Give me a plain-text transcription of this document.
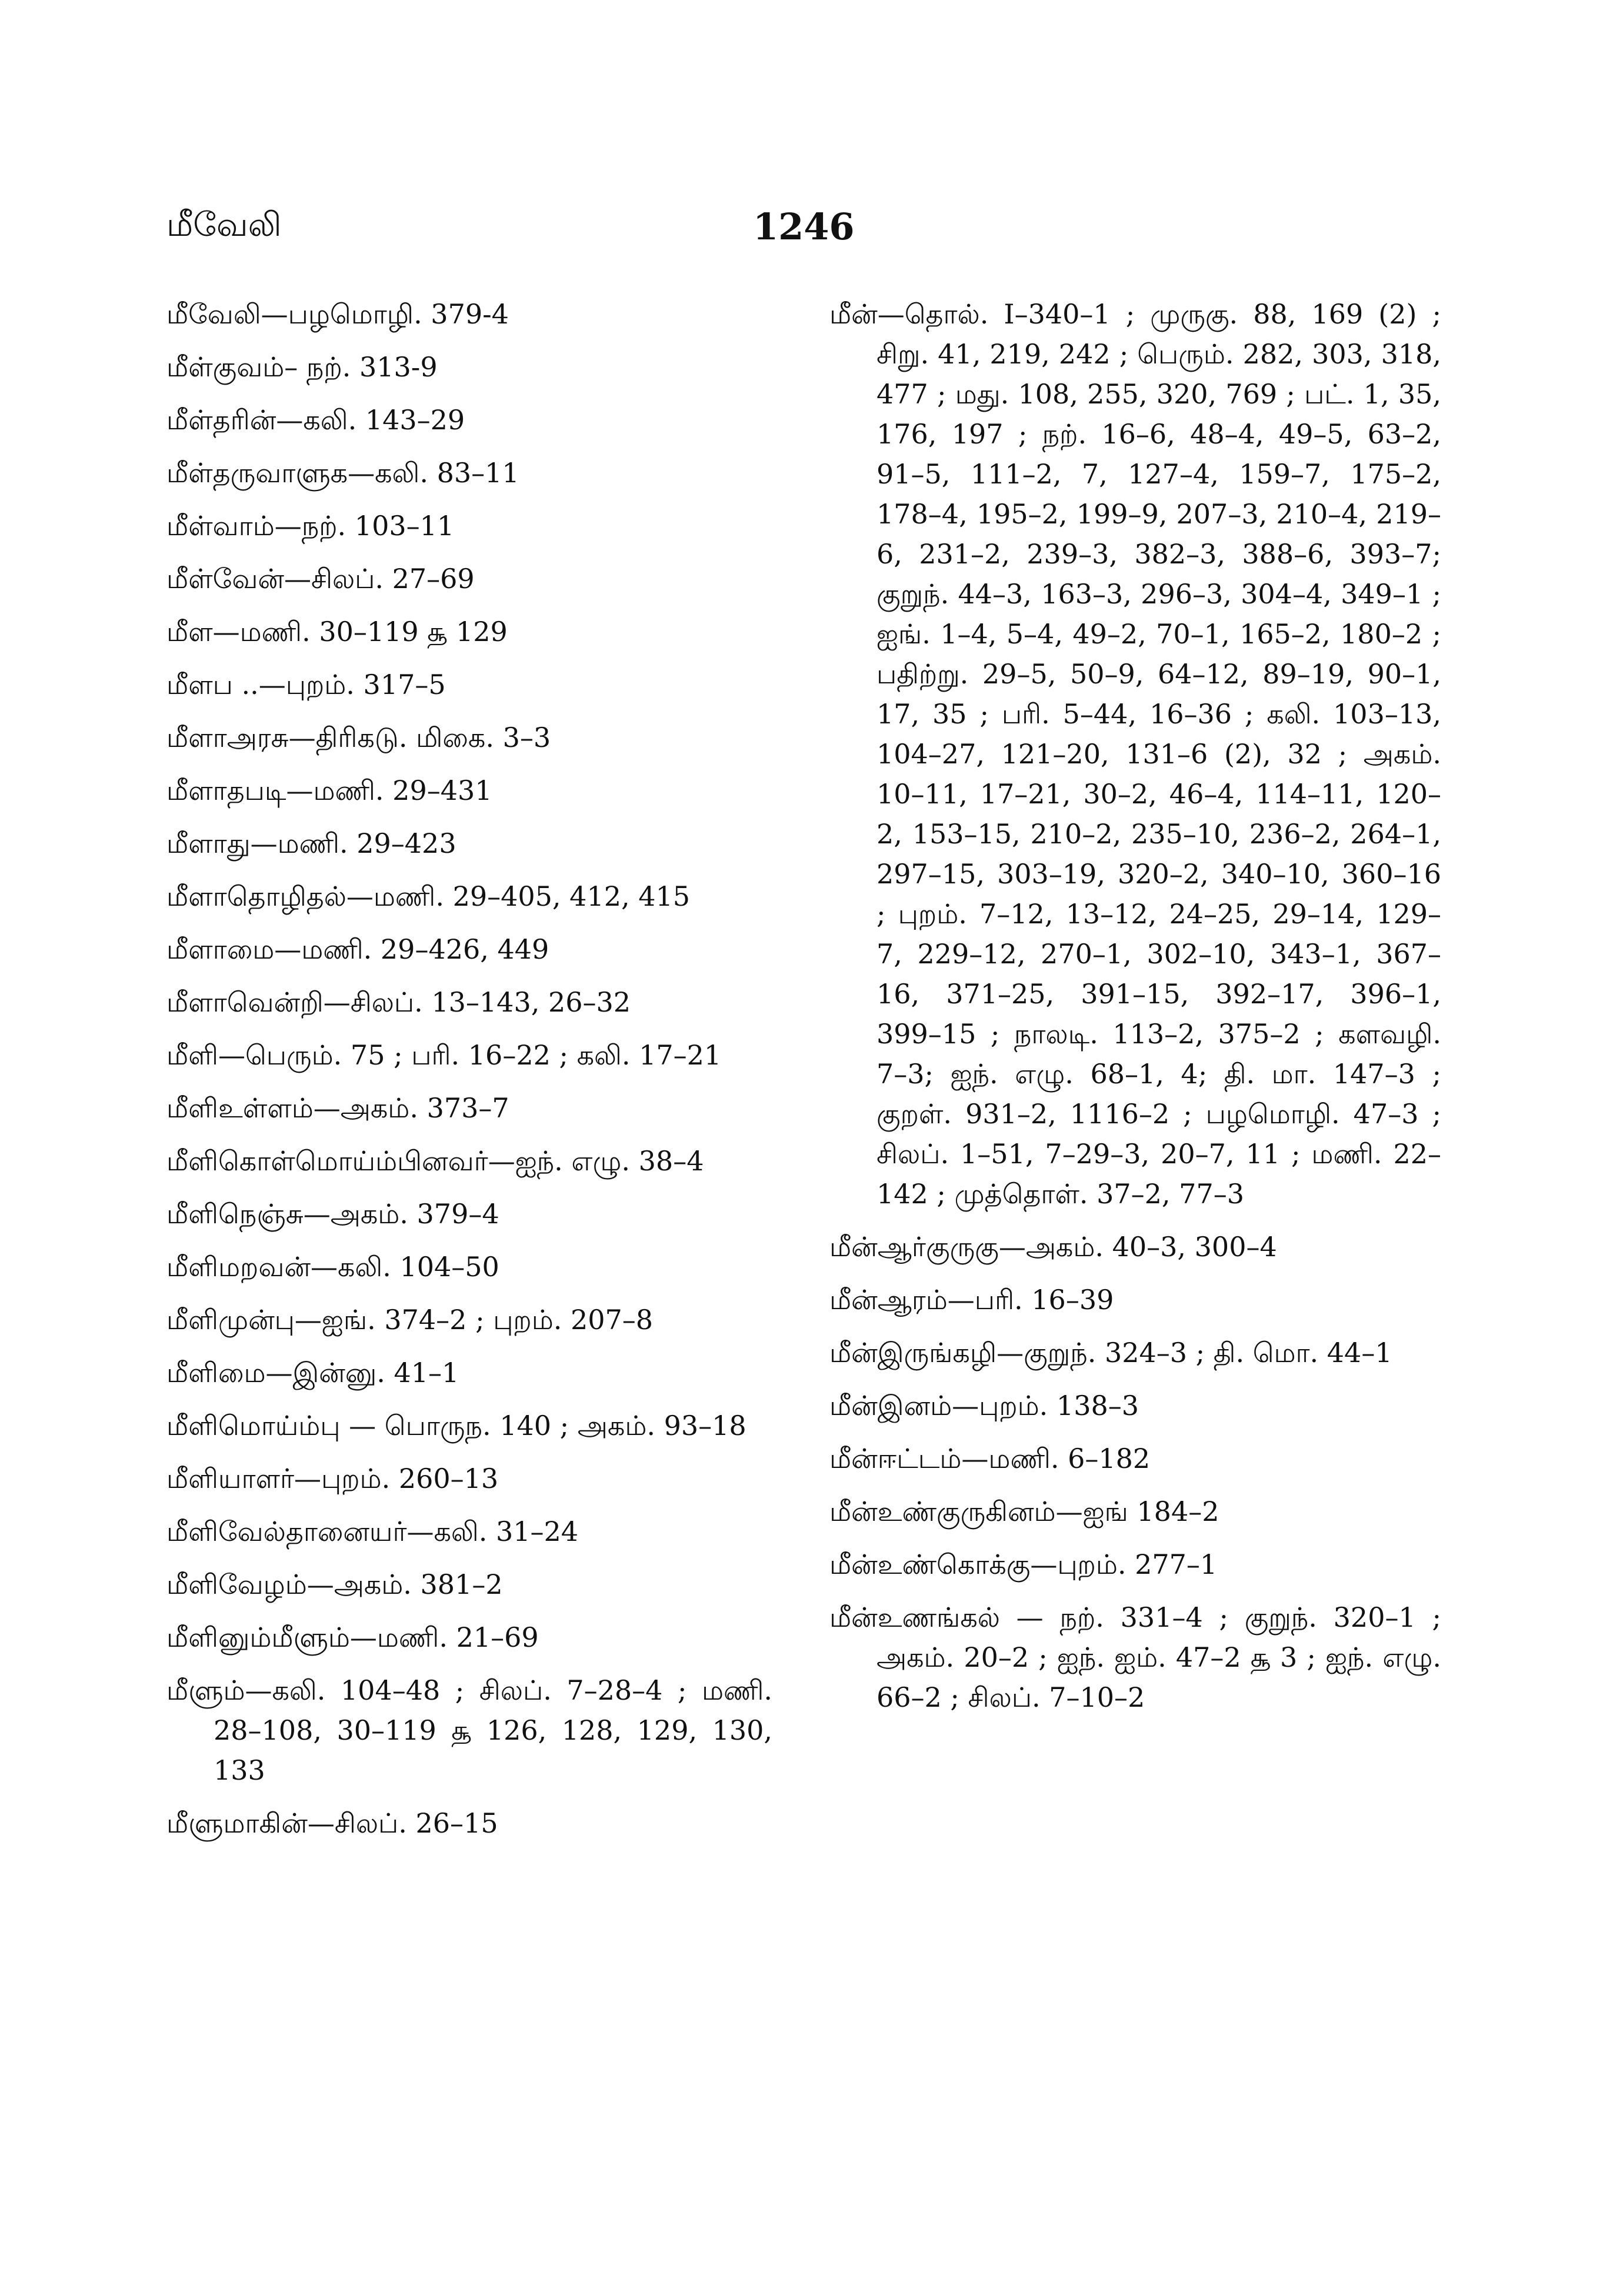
மீவேலி	1246
மீவேலி—பழமொழி. 379-4
மீள்குவம்– நற். 313-9
மீள்தரின்—கலி. 143–29
மீள்தருவாளுக—கலி. 83–11
மீள்வாம்—நற். 103–11
மீள்வேன்—சிலப். 27–69
மீள—மணி. 30–119 ௲ 129
மீளப ..—புறம். 317–5
மீளாஅரசு—திரிகடு. மிகை. 3–3
மீளாதபடி—மணி. 29–431
மீளாது—மணி. 29–423
மீளாதொழிதல்—மணி. 29–405, 412, 415
மீளாமை—மணி. 29–426, 449
மீளாவென்றி—சிலப். 13–143, 26–32
மீளி—பெரும். 75 ; பரி. 16–22 ; கலி. 17–21
மீளிஉள்ளம்—அகம். 373–7
மீளிகொள்மொய்ம்பினவர்—ஐந். எழு. 38–4
மீளிநெஞ்சு—அகம். 379–4
மீளிமறவன்—கலி. 104–50
மீளிமுன்பு—ஐங். 374–2 ; புறம். 207–8
மீளிமை—இன்னு. 41–1
மீளிமொய்ம்பு — பொருந. 140 ; அகம். 93–18
மீளியாளர்—புறம். 260–13
மீளிவேல்தானையர்—கலி. 31–24
மீளிவேழம்—அகம். 381–2
மீளினும்மீளும்—மணி. 21–69
மீளும்—கலி. 104–48 ; சிலப். 7–28–4 ; மணி. 28–108, 30–119 ௲ 126, 128, 129, 130, 133
மீளுமாகின்—சிலப். 26–15
மீன்—தொல். I–340–1 ; முருகு. 88, 169 (2) ; சிறு. 41, 219, 242 ; பெரும். 282, 303, 318, 477 ; மது. 108, 255, 320, 769 ; பட். 1, 35, 176, 197 ; நற். 16–6, 48–4, 49–5, 63–2, 91–5, 111–2, 7, 127–4, 159–7, 175–2, 178–4, 195–2, 199–9, 207–3, 210–4, 219–6, 231–2, 239–3, 382–3, 388–6, 393–7; குறுந். 44–3, 163–3, 296–3, 304–4, 349–1 ; ஐங். 1–4, 5–4, 49–2, 70–1, 165–2, 180–2 ; பதிற்று. 29–5, 50–9, 64–12, 89–19, 90–1, 17, 35 ; பரி. 5–44, 16–36 ; கலி. 103–13, 104–27, 121–20, 131–6 (2), 32 ; அகம். 10–11, 17–21, 30–2, 46–4, 114–11, 120–2, 153–15, 210–2, 235–10, 236–2, 264–1, 297–15, 303–19, 320–2, 340–10, 360–16 ; புறம். 7–12, 13–12, 24–25, 29–14, 129–7, 229–12, 270–1, 302–10, 343–1, 367–16, 371–25, 391–15, 392–17, 396–1, 399–15 ; நாலடி. 113–2, 375–2 ; களவழி. 7–3; ஐந். எழு. 68–1, 4; தி. மா. 147–3 ; குறள். 931–2, 1116–2 ; பழமொழி. 47–3 ; சிலப். 1–51, 7–29–3, 20–7, 11 ; மணி. 22–142 ; முத்தொள். 37–2, 77–3
மீன்ஆர்குருகு—அகம். 40–3, 300–4
மீன்ஆரம்—பரி. 16–39
மீன்இருங்கழி—குறுந். 324–3 ; தி. மொ. 44–1
மீன்இனம்—புறம். 138–3
மீன்ஈட்டம்—மணி. 6–182
மீன்உண்குருகினம்—ஐங் 184–2
மீன்உண்கொக்கு—புறம். 277–1
மீன்உணங்கல் — நற். 331–4 ; குறுந். 320–1 ; அகம். 20–2 ; ஐந். ஐம். 47–2 ௲ 3 ; ஐந். எழு. 66–2 ; சிலப். 7–10–2
